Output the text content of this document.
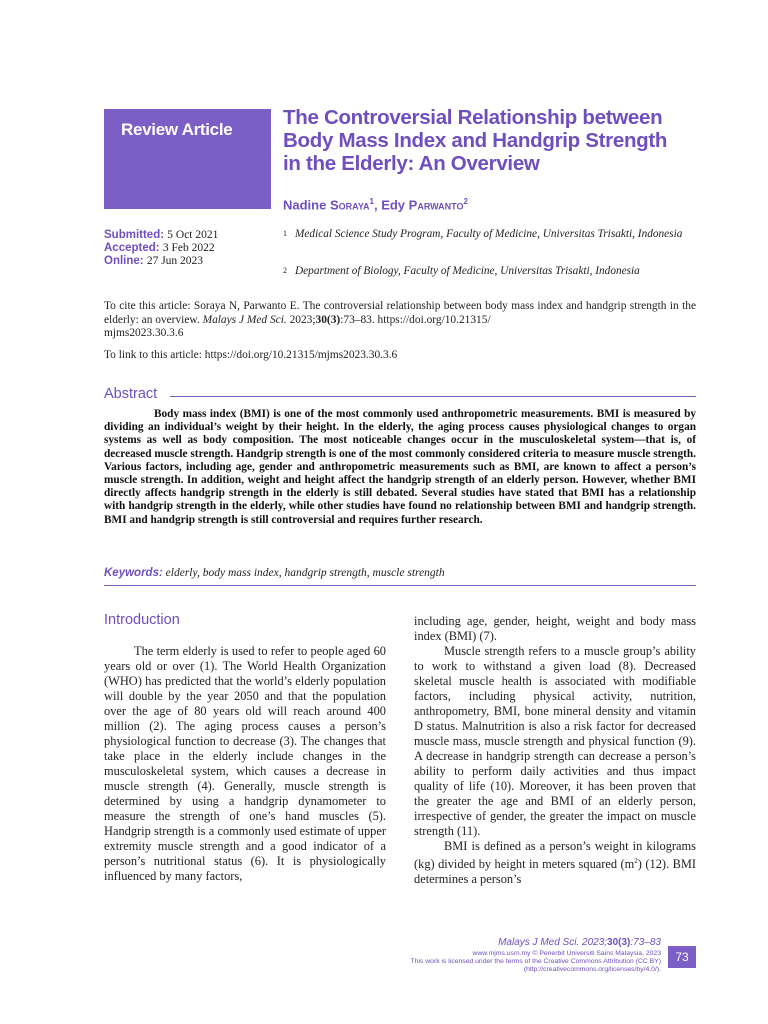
Review Article
The Controversial Relationship between
Body Mass Index and Handgrip Strength
in the Elderly: An Overview
Nadine Soraya$^1$, Edy Parwanto$^2$
Submitted: 5 Oct 2021
Accepted: 3 Feb 2022
Online: 27 Jun 2023
1 Medical Science Study Program, Faculty of Medicine, Universitas Trisakti, Indonesia
2 Department of Biology, Faculty of Medicine, Universitas Trisakti, Indonesia
To cite this article: Soraya N, Parwanto E. The controversial relationship between body mass index and handgrip strength in the elderly: an overview. Malays J Med Sci. 2023;30(3):73–83. https://doi.org/10.21315/
mjms2023.30.3.6
To link to this article: https://doi.org/10.21315/mjms2023.30.3.6
Abstract
Body mass index (BMI) is one of the most commonly used anthropometric measurements. BMI is measured by dividing an individual’s weight by their height. In the elderly, the aging process causes physiological changes to organ systems as well as body composition. The most noticeable changes occur in the musculoskeletal system—that is, of decreased muscle strength. Handgrip strength is one of the most commonly considered criteria to measure muscle strength. Various factors, including age, gender and anthropometric measurements such as BMI, are known to affect a person’s muscle strength. In addition, weight and height affect the handgrip strength of an elderly person. However, whether BMI directly affects handgrip strength in the elderly is still debated. Several studies have stated that BMI has a relationship with handgrip strength in the elderly, while other studies have found no relationship between BMI and handgrip strength. BMI and handgrip strength is still controversial and requires further research.
Keywords: elderly, body mass index, handgrip strength, muscle strength
Introduction

The term elderly is used to refer to people aged 60 years old or over (1). The World Health Organization (WHO) has predicted that the world’s elderly population will double by the year 2050 and that the population over the age of 80 years old will reach around 400 million (2). The aging process causes a person’s physiological function to decrease (3). The changes that take place in the elderly include changes in the musculoskeletal system, which causes a decrease in muscle strength (4). Generally, muscle strength is determined by using a handgrip dynamometer to measure the strength of one’s hand muscles (5). Handgrip strength is a commonly used estimate of upper extremity muscle strength and a good indicator of a person’s nutritional status (6). It is physiologically influenced by many factors,

including age, gender, height, weight and body mass index (BMI) (7).

Muscle strength refers to a muscle group’s ability to work to withstand a given load (8). Decreased skeletal muscle health is associated with modifiable factors, including physical activity, nutrition, anthropometry, BMI, bone mineral density and vitamin D status. Malnutrition is also a risk factor for decreased muscle mass, muscle strength and physical function (9). A decrease in handgrip strength can decrease a person’s ability to perform daily activities and thus impact quality of life (10). Moreover, it has been proven that the greater the age and BMI of an elderly person, irrespective of gender, the greater the impact on muscle strength (11).

BMI is defined as a person’s weight in kilograms (kg) divided by height in meters squared $(m^2)$ (12). BMI determines a person’s

Malays J Med Sci. 2023;30(3):73–83
www.mjms.usm.my © Penerbit Universiti Sains Malaysia, 2023
This work is licensed under the terms of the Creative Commons Attribution (CC BY)
(http://creativecommons.org/licenses/by/4.0/).
73
